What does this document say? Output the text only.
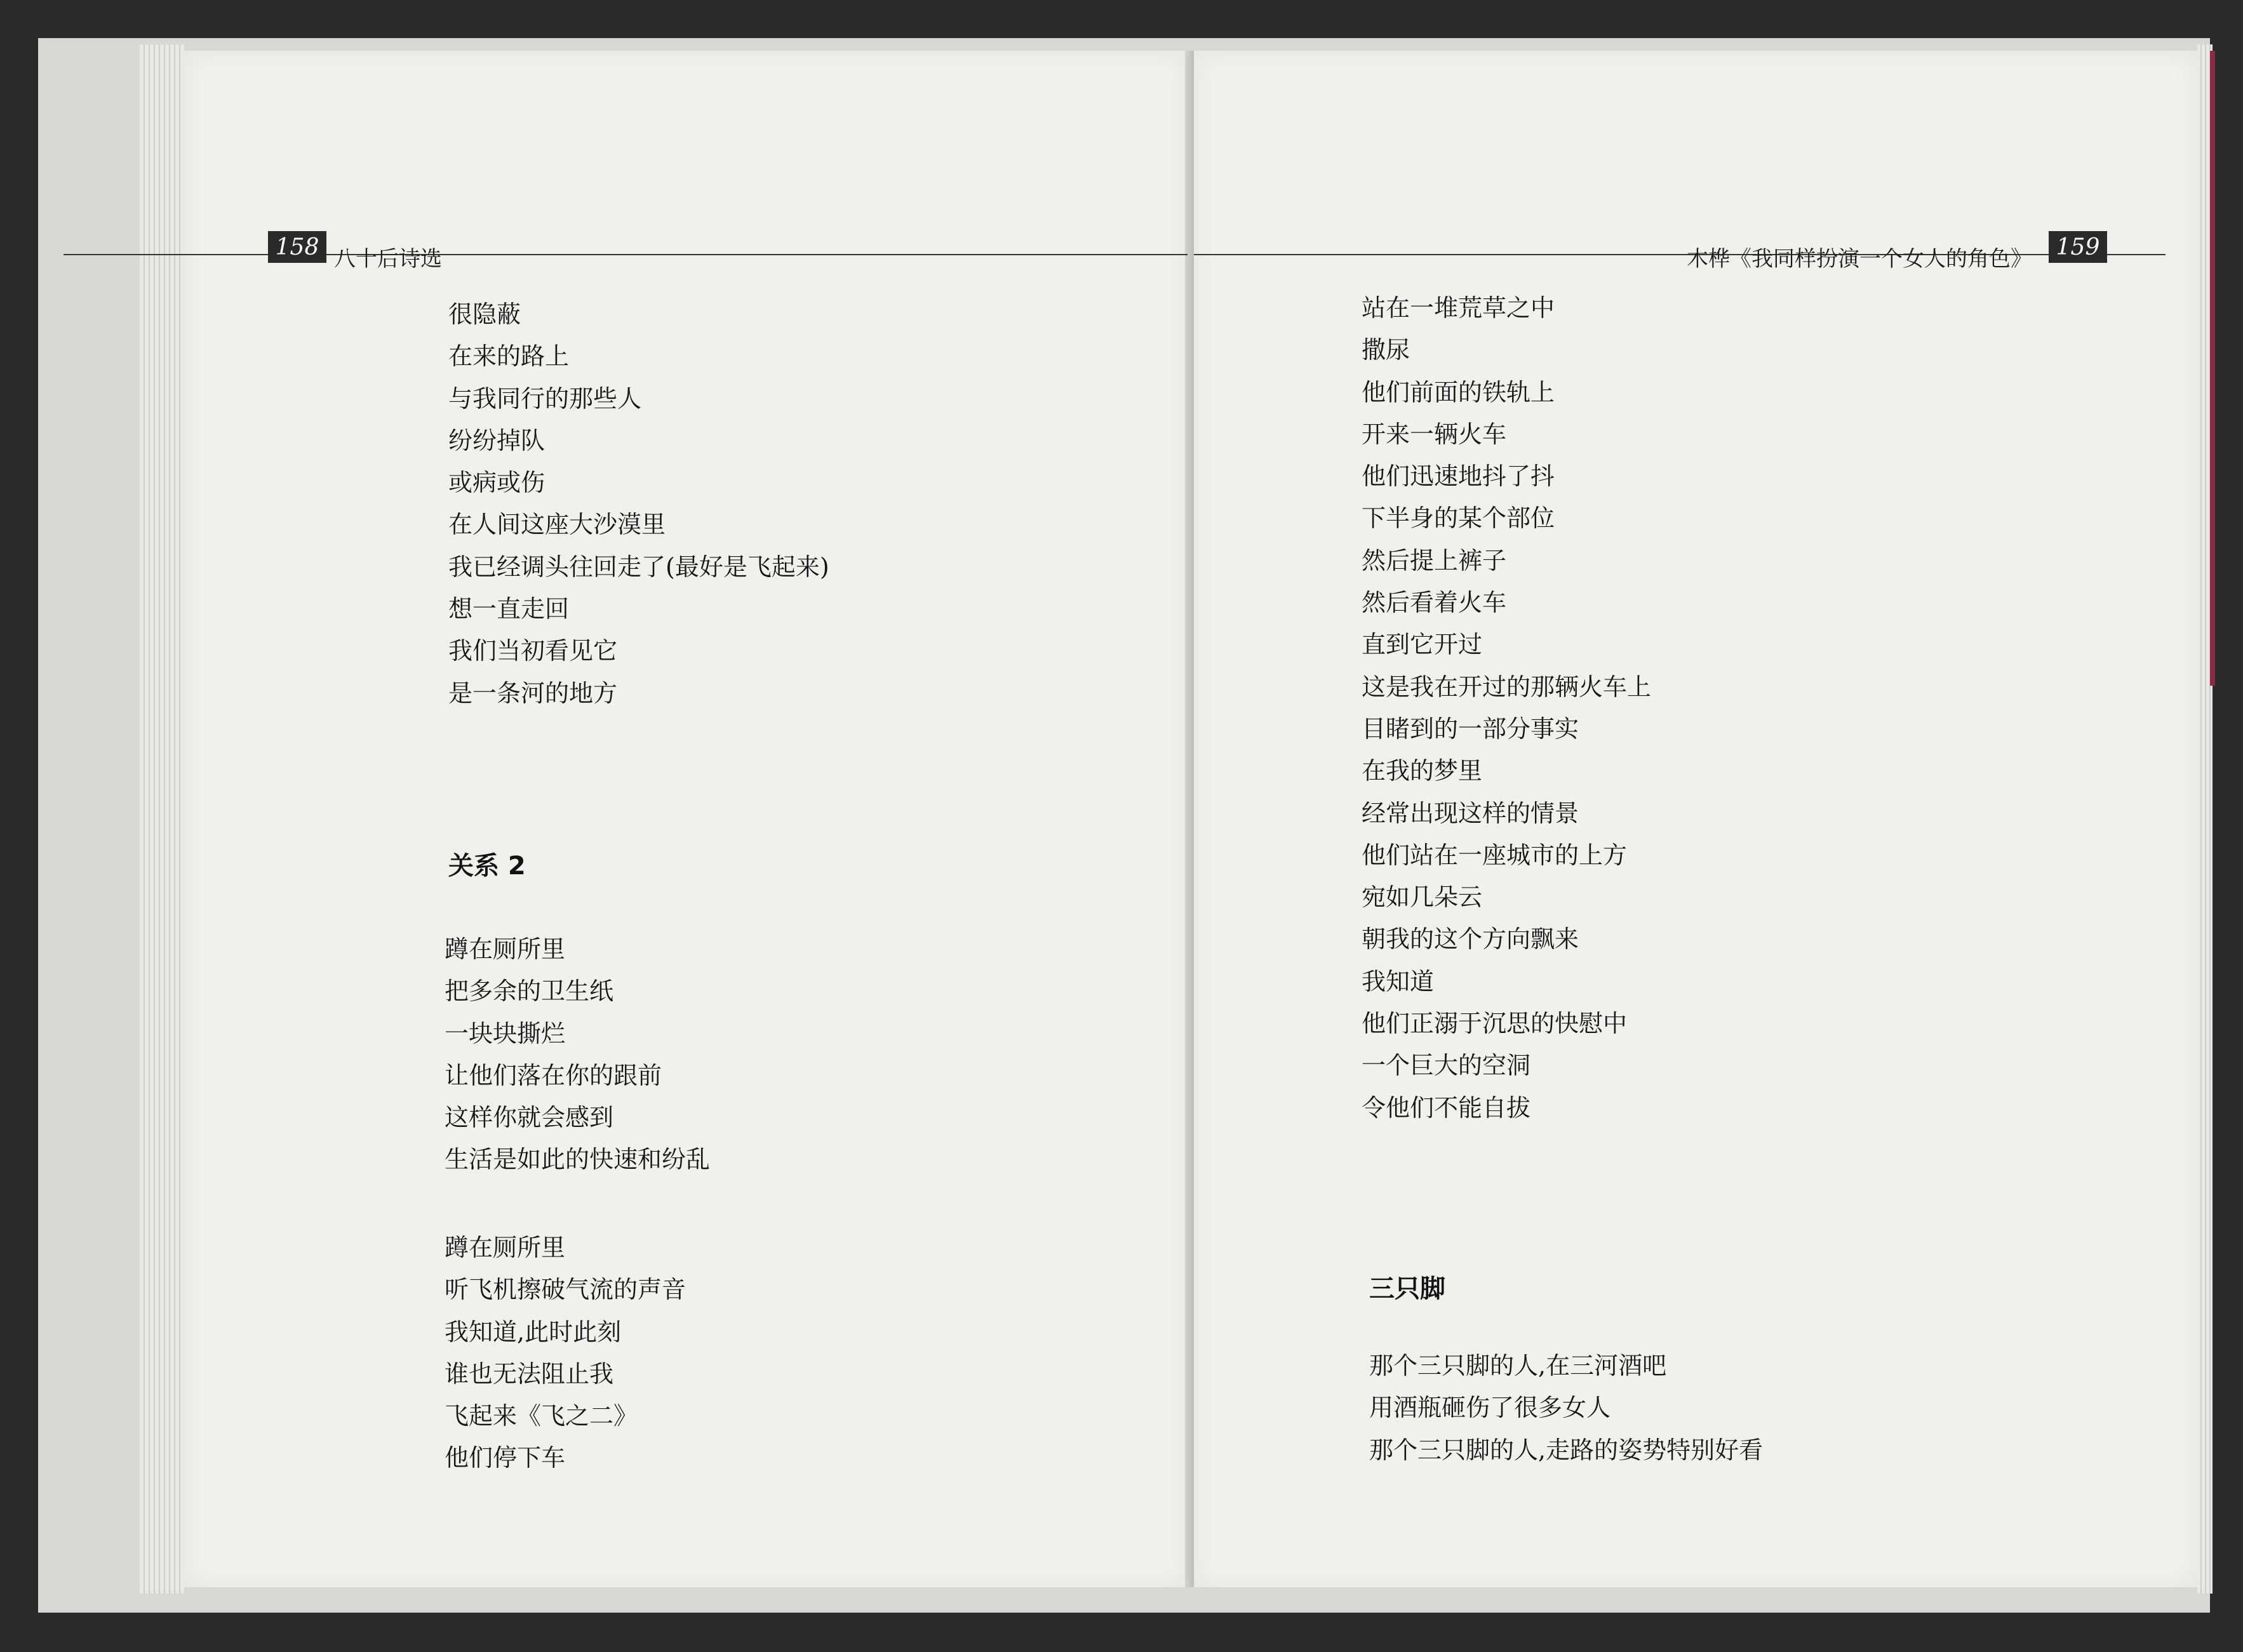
158 八十后诗选	木桦《我同样扮演一个女人的角色》	159
很隐蔽
在来的路上
与我同行的那些人
纷纷掉队
或病或伤
在人间这座大沙漠里
我已经调头往回走了(最好是飞起来)
想一直走回
我们当初看见它
是一条河的地方
关系 2
蹲在厕所里
把多余的卫生纸
一块块撕烂
让他们落在你的跟前
这样你就会感到
生活是如此的快速和纷乱
蹲在厕所里
听飞机擦破气流的声音
我知道,此时此刻
谁也无法阻止我
飞起来《飞之二》
他们停下车
站在一堆荒草之中
撒尿
他们前面的铁轨上
开来一辆火车
他们迅速地抖了抖
下半身的某个部位
然后提上裤子
然后看着火车
直到它开过
这是我在开过的那辆火车上
目睹到的一部分事实
在我的梦里
经常出现这样的情景
他们站在一座城市的上方
宛如几朵云
朝我的这个方向飘来
我知道
他们正溺于沉思的快慰中
一个巨大的空洞
令他们不能自拔
三只脚
那个三只脚的人,在三河酒吧
用酒瓶砸伤了很多女人
那个三只脚的人,走路的姿势特别好看
